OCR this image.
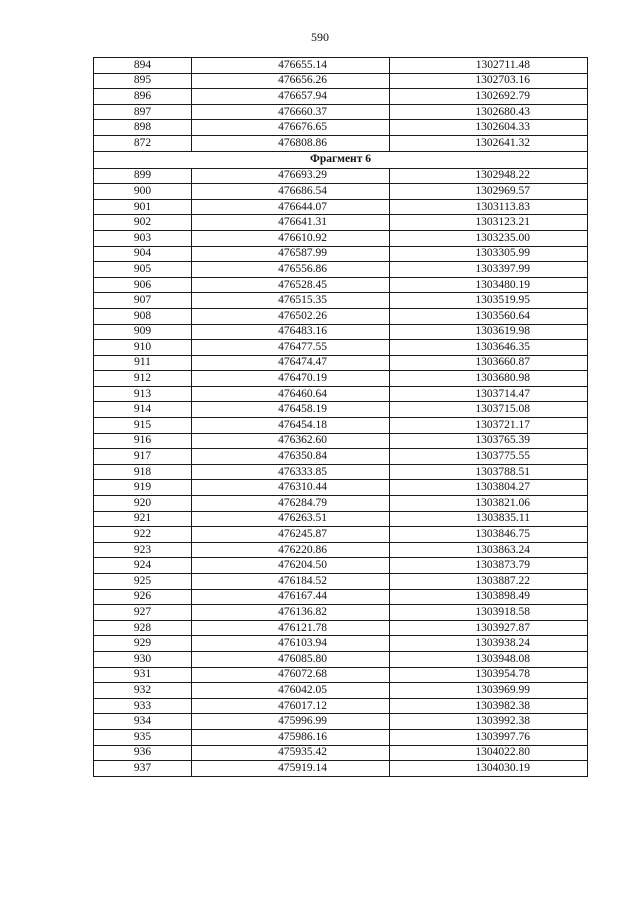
590
894	476655.14	1302711.48
895	476656.26	1302703.16
896	476657.94	1302692.79
897	476660.37	1302680.43
898	476676.65	1302604.33
872	476808.86	1302641.32
Фрагмент 6		
899	476693.29	1302948.22
900	476686.54	1302969.57
901	476644.07	1303113.83
902	476641.31	1303123.21
903	476610.92	1303235.00
904	476587.99	1303305.99
905	476556.86	1303397.99
906	476528.45	1303480.19
907	476515.35	1303519.95
908	476502.26	1303560.64
909	476483.16	1303619.98
910	476477.55	1303646.35
911	476474.47	1303660.87
912	476470.19	1303680.98
913	476460.64	1303714.47
914	476458.19	1303715.08
915	476454.18	1303721.17
916	476362.60	1303765.39
917	476350.84	1303775.55
918	476333.85	1303788.51
919	476310.44	1303804.27
920	476284.79	1303821.06
921	476263.51	1303835.11
922	476245.87	1303846.75
923	476220.86	1303863.24
924	476204.50	1303873.79
925	476184.52	1303887.22
926	476167.44	1303898.49
927	476136.82	1303918.58
928	476121.78	1303927.87
929	476103.94	1303938.24
930	476085.80	1303948.08
931	476072.68	1303954.78
932	476042.05	1303969.99
933	476017.12	1303982.38
934	475996.99	1303992.38
935	475986.16	1303997.76
936	475935.42	1304022.80
937	475919.14	1304030.19
